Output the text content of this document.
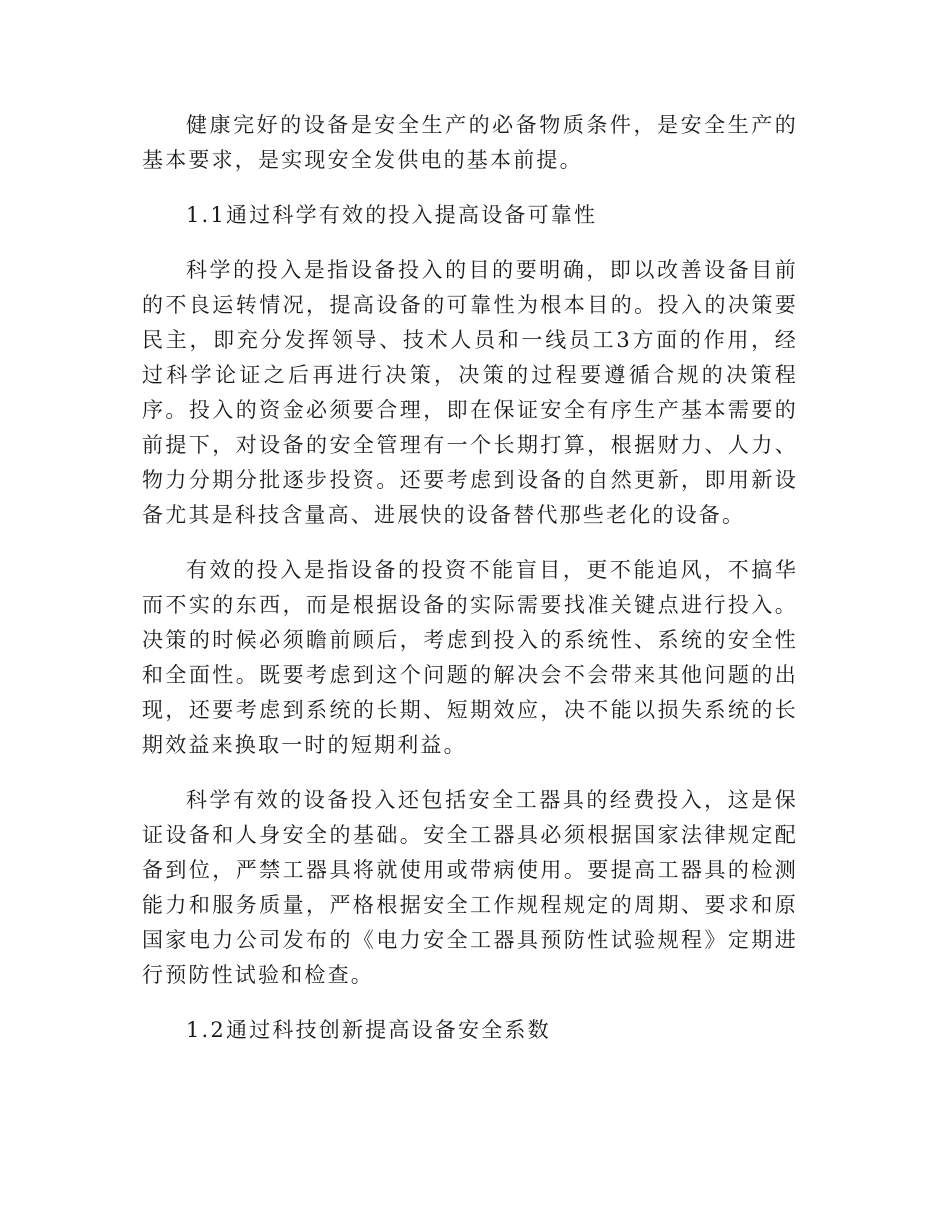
健康完好的设备是安全生产的必备物质条件，是安全生产的基本要求，是实现安全发供电的基本前提。

1.1通过科学有效的投入提高设备可靠性

科学的投入是指设备投入的目的要明确，即以改善设备目前的不良运转情况，提高设备的可靠性为根本目的。投入的决策要民主，即充分发挥领导、技术人员和一线员工3方面的作用，经过科学论证之后再进行决策，决策的过程要遵循合规的决策程序。投入的资金必须要合理，即在保证安全有序生产基本需要的前提下，对设备的安全管理有一个长期打算，根据财力、人力、物力分期分批逐步投资。还要考虑到设备的自然更新，即用新设备尤其是科技含量高、进展快的设备替代那些老化的设备。

有效的投入是指设备的投资不能盲目，更不能追风，不搞华而不实的东西，而是根据设备的实际需要找准关键点进行投入。决策的时候必须瞻前顾后，考虑到投入的系统性、系统的安全性和全面性。既要考虑到这个问题的解决会不会带来其他问题的出现，还要考虑到系统的长期、短期效应，决不能以损失系统的长期效益来换取一时的短期利益。

科学有效的设备投入还包括安全工器具的经费投入，这是保证设备和人身安全的基础。安全工器具必须根据国家法律规定配备到位，严禁工器具将就使用或带病使用。要提高工器具的检测能力和服务质量，严格根据安全工作规程规定的周期、要求和原国家电力公司发布的《电力安全工器具预防性试验规程》定期进行预防性试验和检查。

1.2通过科技创新提高设备安全系数
